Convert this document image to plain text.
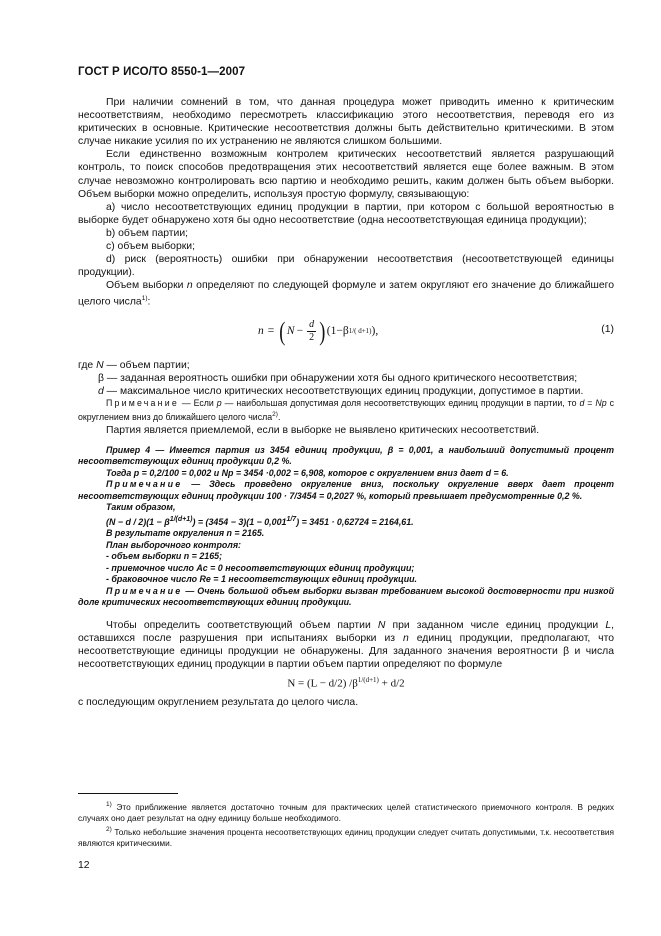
ГОСТ Р ИСО/ТО 8550-1—2007

При наличии сомнений в том, что данная процедура может приводить именно к критическим несоответствиям, необходимо пересмотреть классификацию этого несоответствия, переводя его из критических в основные. Критические несоответствия должны быть действительно критическими. В этом случае никакие усилия по их устранению не являются слишком большими.

Если единственно возможным контролем критических несоответствий является разрушающий контроль, то поиск способов предотвращения этих несоответствий является еще более важным. В этом случае невозможно контролировать всю партию и необходимо решить, каким должен быть объем выборки. Объем выборки можно определить, используя простую формулу, связывающую:

a) число несоответствующих единиц продукции в партии, при котором с большой вероятностью в выборке будет обнаружено хотя бы одно несоответствие (одна несоответствующая единица продукции);

b) объем партии;

c) объем выборки;

d) риск (вероятность) ошибки при обнаружении несоответствия (несоответствующей единицы продукции).

Объем выборки n определяют по следующей формуле и затем округляют его значение до ближайшего целого числа$^{1)}$:

n = ( $N - \frac{d}{2}$ ) (1−β 1/( d+1) ),	(1)

где N — объем партии;

β — заданная вероятность ошибки при обнаружении хотя бы одного критического несоответствия;

d — максимальное число критических несоответствующих единиц продукции, допустимое в партии.

Примечание — Если p — наибольшая допустимая доля несоответствующих единиц продукции в партии, то d = Np с округлением вниз до ближайшего целого числа$^{2)}$.

Партия является приемлемой, если в выборке не выявлено критических несоответствий.

Пример 4 — Имеется партия из 3454 единиц продукции, β = 0,001, а наибольший допустимый процент несоответствующих единиц продукции 0,2 %.

Тогда p = 0,2/100 = 0,002 и Np = 3454 ·0,002 = 6,908, которое с округлением вниз дает d = 6.

Примечание — Здесь проведено округление вниз, поскольку округление вверх дает процент несоответствующих единиц продукции 100 · 7/3454 = 0,2027 %, который превышает предусмотренные 0,2 %.

Таким образом,

$(N - d / 2)(1 - \beta^{1/(d+1)}) = (3454 - 3)(1 - 0,001^{1/7}) = 3451 \cdot 0,62724 = 2164,61$.

В результате округления n = 2165.

План выборочного контроля:

- объем выборки n = 2165;

- приемочное число Ac = 0 несоответствующих единиц продукции;

- браковочное число Re = 1 несоответствующих единиц продукции.

Примечание — Очень большой объем выборки вызван требованием высокой достоверности при низкой доле критических несоответствующих единиц продукции.

Чтобы определить соответствующий объем партии N при заданном числе единиц продукции L, оставшихся после разрушения при испытаниях выборки из n единиц продукции, предполагают, что несоответствующие единицы продукции не обнаружены. Для заданного значения вероятности β и числа несоответствующих единиц продукции в партии объем партии определяют по формуле

N = (L − d/2) $/\beta^{1/(d+1)} + d/2$

с последующим округлением результата до целого числа.

$^{1)}$ Это приближение является достаточно точным для практических целей статистического приемочного контроля. В редких случаях оно дает результат на одну единицу больше необходимого.

$^{2)}$ Только небольшие значения процента несоответствующих единиц продукции следует считать допустимыми, т.к. несоответствия являются критическими.

12
